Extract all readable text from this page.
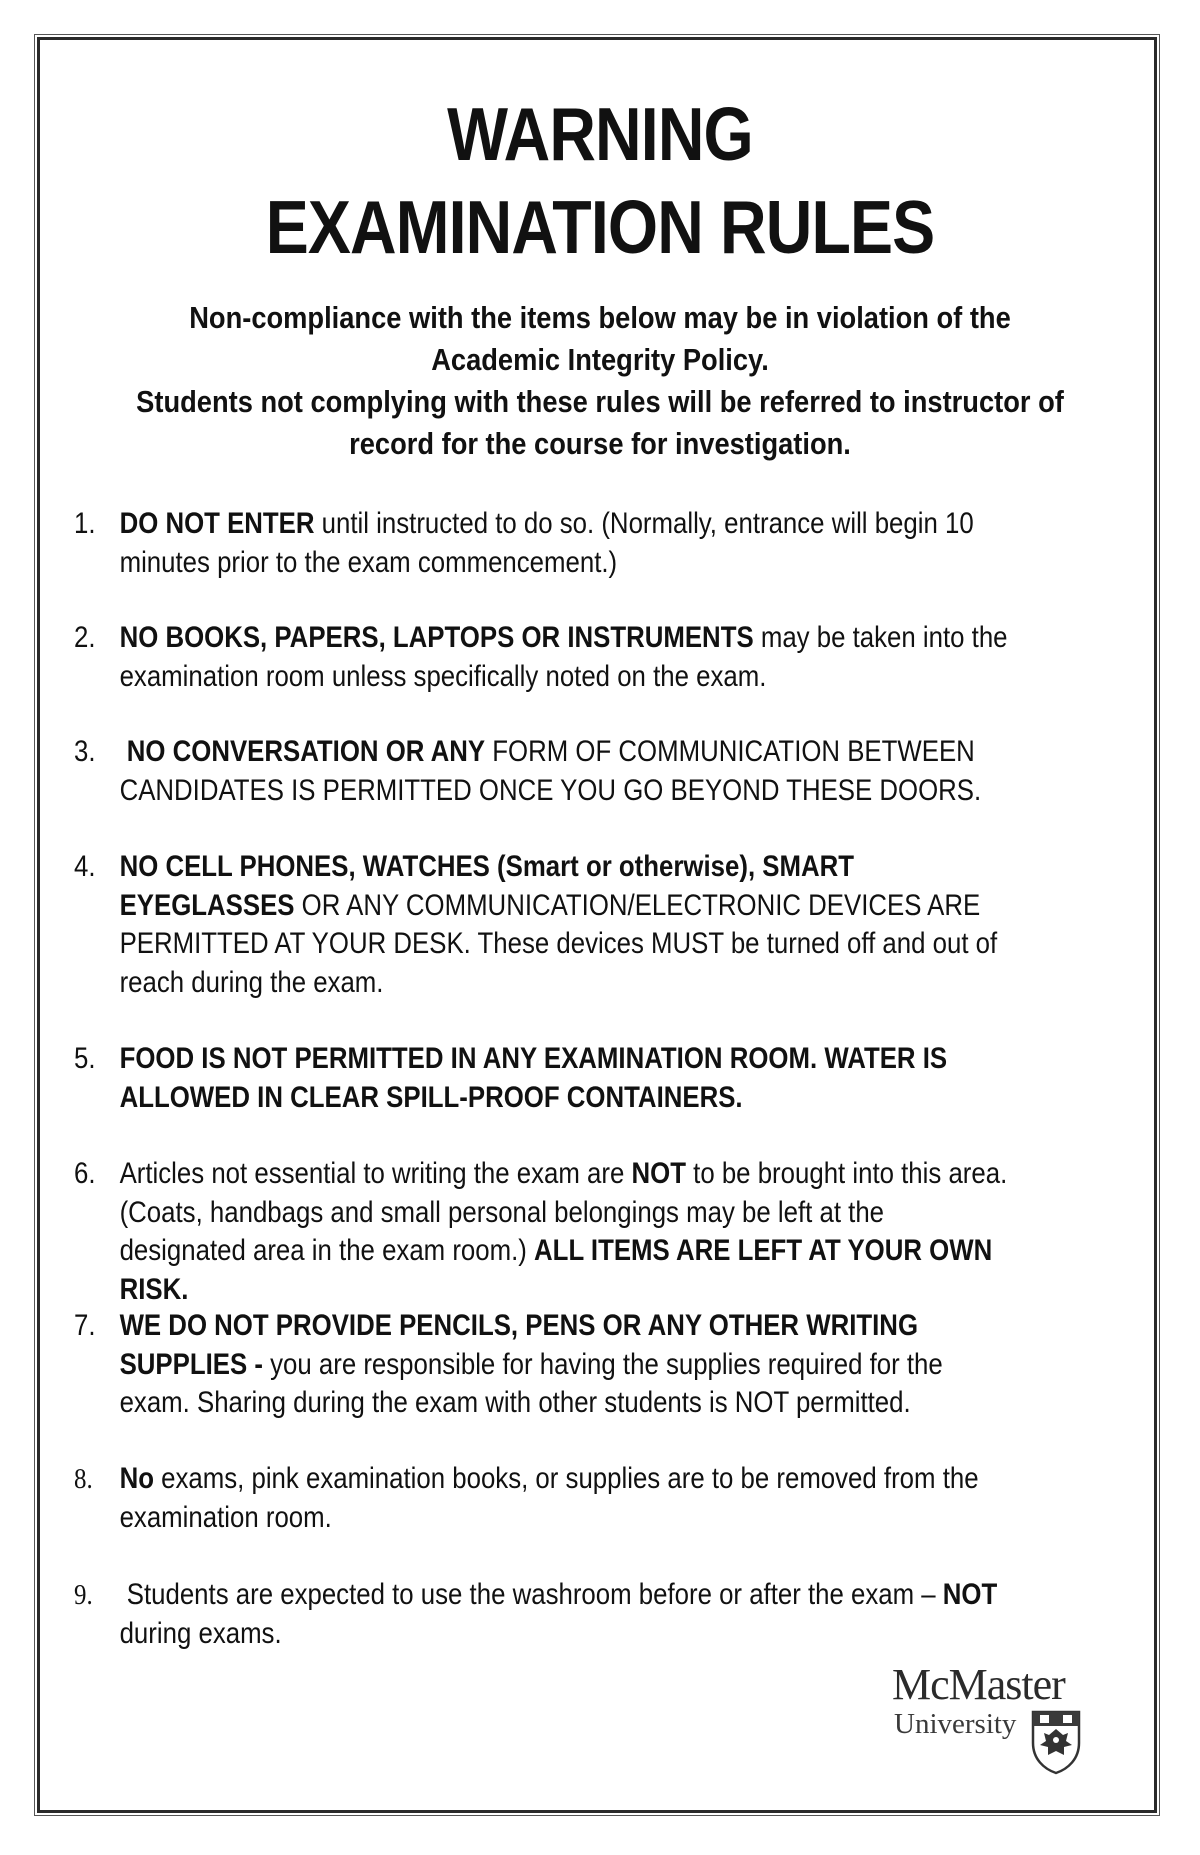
WARNING
EXAMINATION RULES

Non-compliance with the items below may be in violation of the

Academic Integrity Policy.

Students not complying with these rules will be referred to instructor of

record for the course for investigation.

1. DO NOT ENTER until instructed to do so. (Normally, entrance will begin 10 minutes prior to the exam commencement.)
2. NO BOOKS, PAPERS, LAPTOPS OR INSTRUMENTS may be taken into the examination room unless specifically noted on the exam.
3. NO CONVERSATION OR ANY FORM OF COMMUNICATION BETWEEN CANDIDATES IS PERMITTED ONCE YOU GO BEYOND THESE DOORS.
4. NO CELL PHONES, WATCHES (Smart or otherwise), SMART EYEGLASSES OR ANY COMMUNICATION/ELECTRONIC DEVICES ARE PERMITTED AT YOUR DESK. These devices MUST be turned off and out of reach during the exam.
5. FOOD IS NOT PERMITTED IN ANY EXAMINATION ROOM. WATER IS ALLOWED IN CLEAR SPILL-PROOF CONTAINERS.
6. Articles not essential to writing the exam are NOT to be brought into this area. (Coats, handbags and small personal belongings may be left at the designated area in the exam room.) ALL ITEMS ARE LEFT AT YOUR OWN RISK.
7. WE DO NOT PROVIDE PENCILS, PENS OR ANY OTHER WRITING SUPPLIES - you are responsible for having the supplies required for the exam. Sharing during the exam with other students is NOT permitted.
8. No exams, pink examination books, or supplies are to be removed from the examination room.
9. Students are expected to use the washroom before or after the exam – NOT during exams.
McMaster
University
